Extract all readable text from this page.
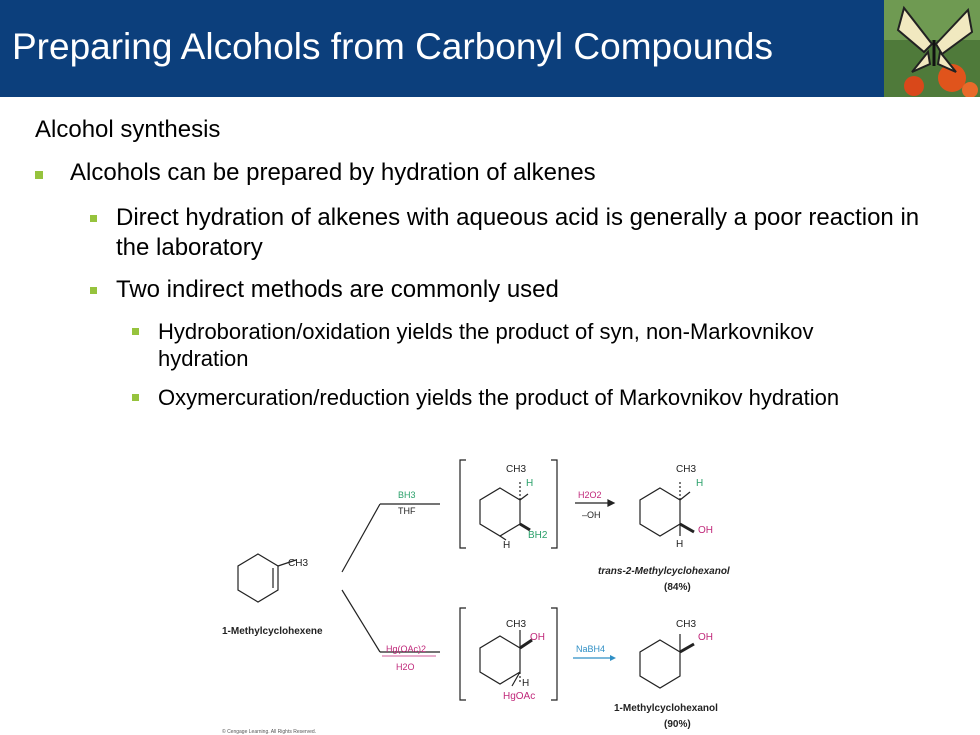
Preparing Alcohols from Carbonyl Compounds
Alcohol synthesis
Alcohols can be prepared by hydration of alkenes
Direct hydration of alkenes with aqueous acid is generally a poor reaction in the laboratory
Two indirect methods are commonly used
Hydroboration/oxidation yields the product of syn, non-Markovnikov hydration
Oxymercuration/reduction yields the product of Markovnikov hydration
CH3
1-Methylcyclohexene
BH3
THF
CH3
H
BH2
H
H2O2
–OH
CH3
H
OH
H
trans-2-Methylcyclohexanol
(84%)
Hg(OAc)2
H2O
CH3
OH
H
HgOAc
NaBH4
CH3
OH
1-Methylcyclohexanol
(90%)
© Cengage Learning. All Rights Reserved.
